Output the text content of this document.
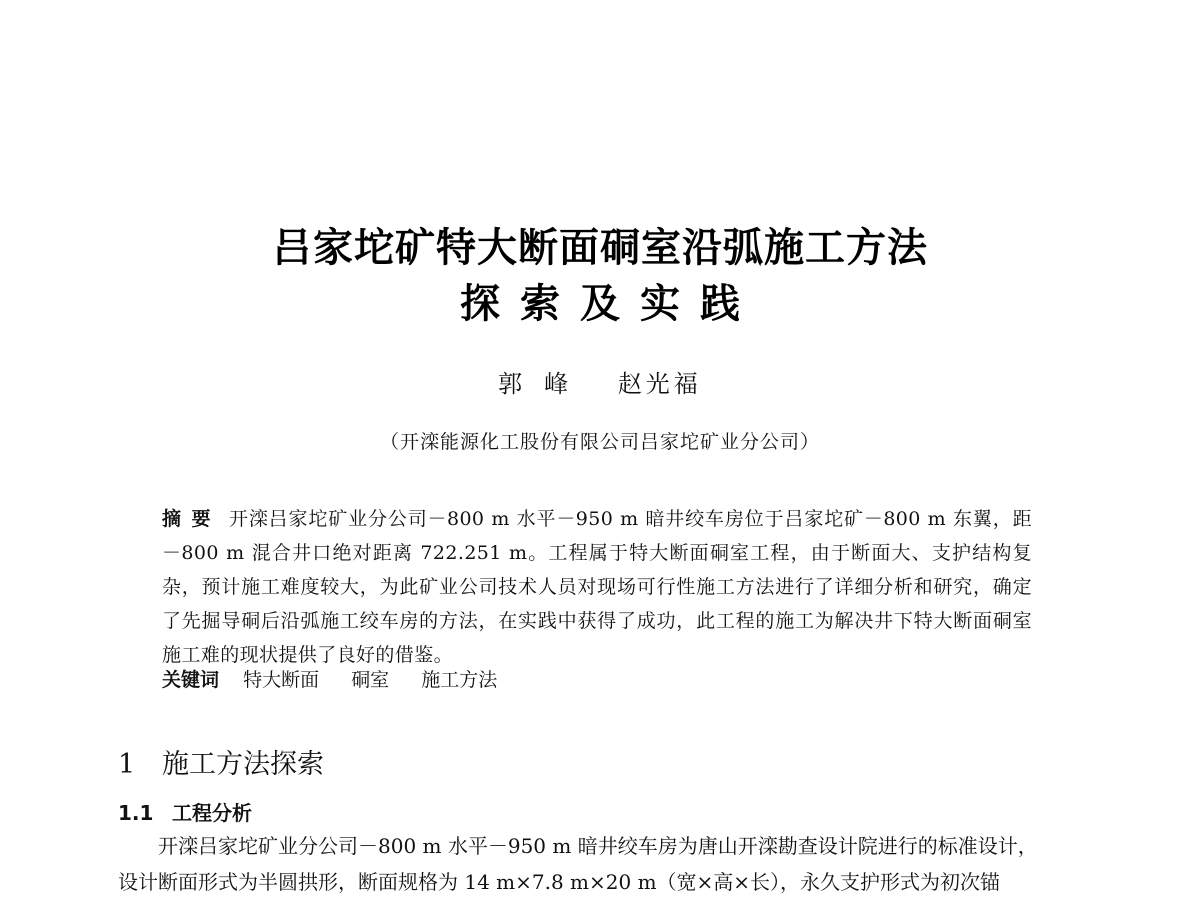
吕家坨矿特大断面硐室沿弧施工方法
探索及实践
郭峰 赵光福
（开滦能源化工股份有限公司吕家坨矿业分公司）
摘要 开滦吕家坨矿业分公司－800 m 水平－950 m 暗井绞车房位于吕家坨矿－800 m 东翼，距－800 m 混合井口绝对距离 722.251 m。工程属于特大断面硐室工程，由于断面大、支护结构复杂，预计施工难度较大，为此矿业公司技术人员对现场可行性施工方法进行了详细分析和研究，确定了先掘导硐后沿弧施工绞车房的方法，在实践中获得了成功，此工程的施工为解决井下特大断面硐室施工难的现状提供了良好的借鉴。
关键词 特大断面 硐室 施工方法
1 施工方法探索
1.1 工程分析
开滦吕家坨矿业分公司－800 m 水平－950 m 暗井绞车房为唐山开滦勘查设计院进行的标准设计，
设计断面形式为半圆拱形，断面规格为 14 m×7.8 m×20 m（宽×高×长），永久支护形式为初次锚
